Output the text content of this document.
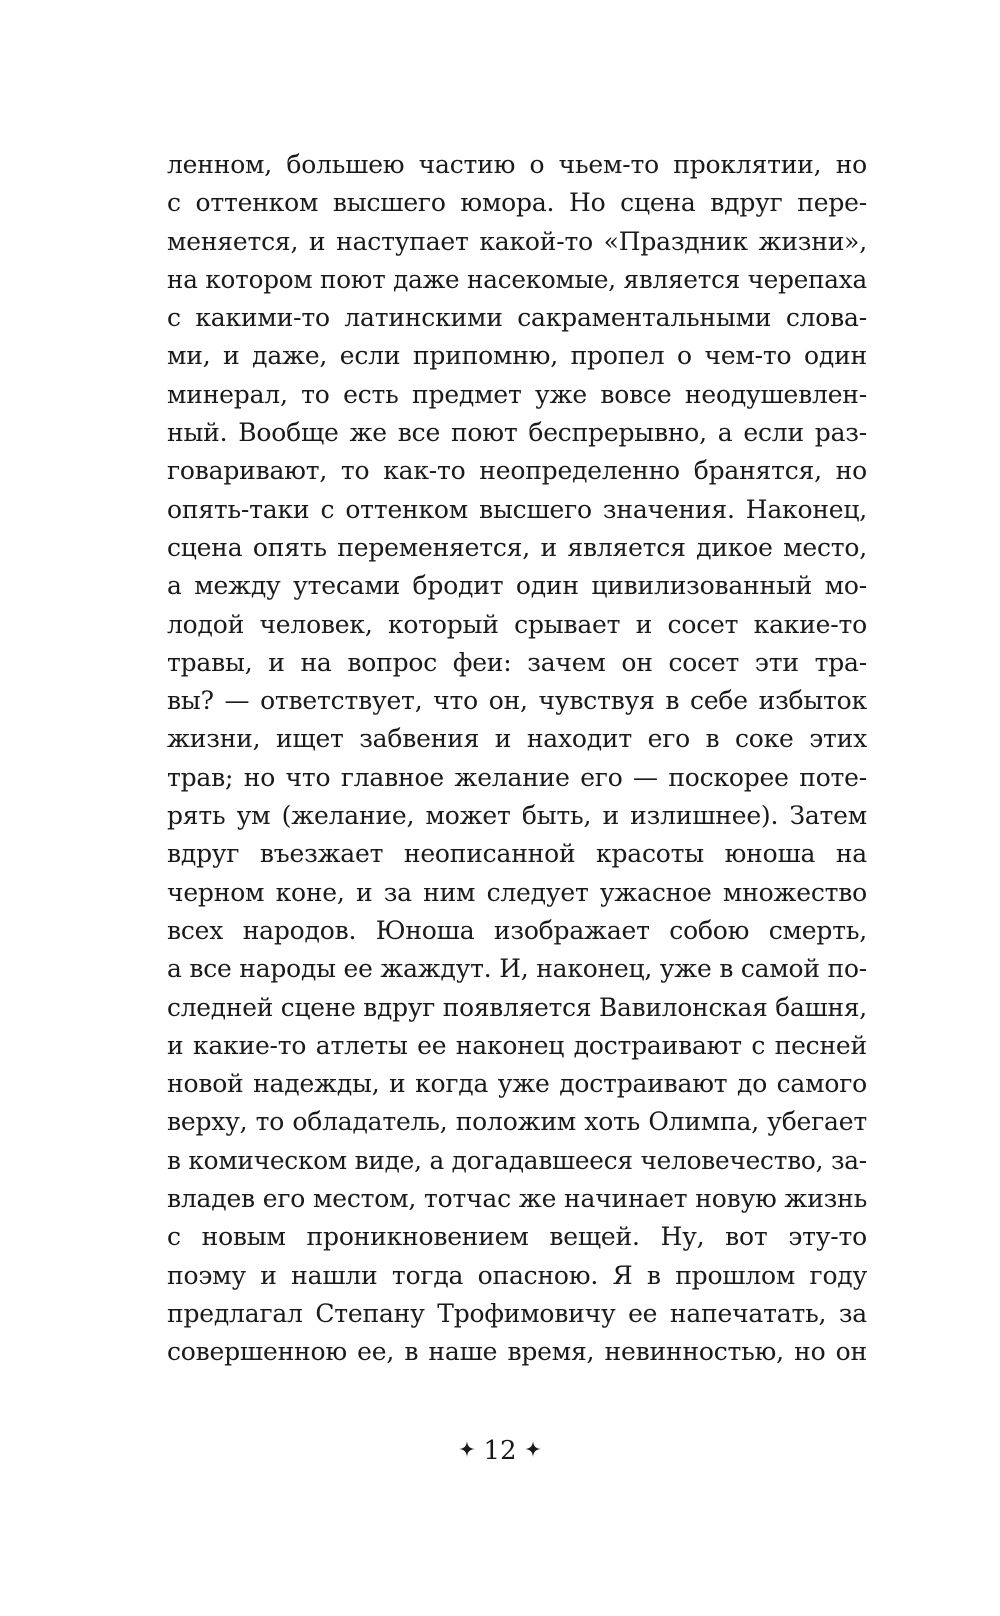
ленном, большею частию о чьем-то проклятии, но
с оттенком высшего юмора. Но сцена вдруг пере-
меняется, и наступает какой-то «Праздник жизни»,
на котором поют даже насекомые, является черепаха
с какими-то латинскими сакраментальными слова-
ми, и даже, если припомню, пропел о чем-то один
минерал, то есть предмет уже вовсе неодушевлен-
ный. Вообще же все поют беспрерывно, а если раз-
говаривают, то как-то неопределенно бранятся, но
опять-таки с оттенком высшего значения. Наконец,
сцена опять переменяется, и является дикое место,
а между утесами бродит один цивилизованный мо-
лодой человек, который срывает и сосет какие-то
травы, и на вопрос феи: зачем он сосет эти тра-
вы? — ответствует, что он, чувствуя в себе избыток
жизни, ищет забвения и находит его в соке этих
трав; но что главное желание его — поскорее поте-
рять ум (желание, может быть, и излишнее). Затем
вдруг въезжает неописанной красоты юноша на
черном коне, и за ним следует ужасное множество
всех народов. Юноша изображает собою смерть,
а все народы ее жаждут. И, наконец, уже в самой по-
следней сцене вдруг появляется Вавилонская башня,
и какие-то атлеты ее наконец достраивают с песней
новой надежды, и когда уже достраивают до самого
верху, то обладатель, положим хоть Олимпа, убегает
в комическом виде, а догадавшееся человечество, за-
владев его местом, тотчас же начинает новую жизнь
с новым проникновением вещей. Ну, вот эту-то
поэму и нашли тогда опасною. Я в прошлом году
предлагал Степану Трофимовичу ее напечатать, за
совершенною ее, в наше время, невинностью, но он
12
